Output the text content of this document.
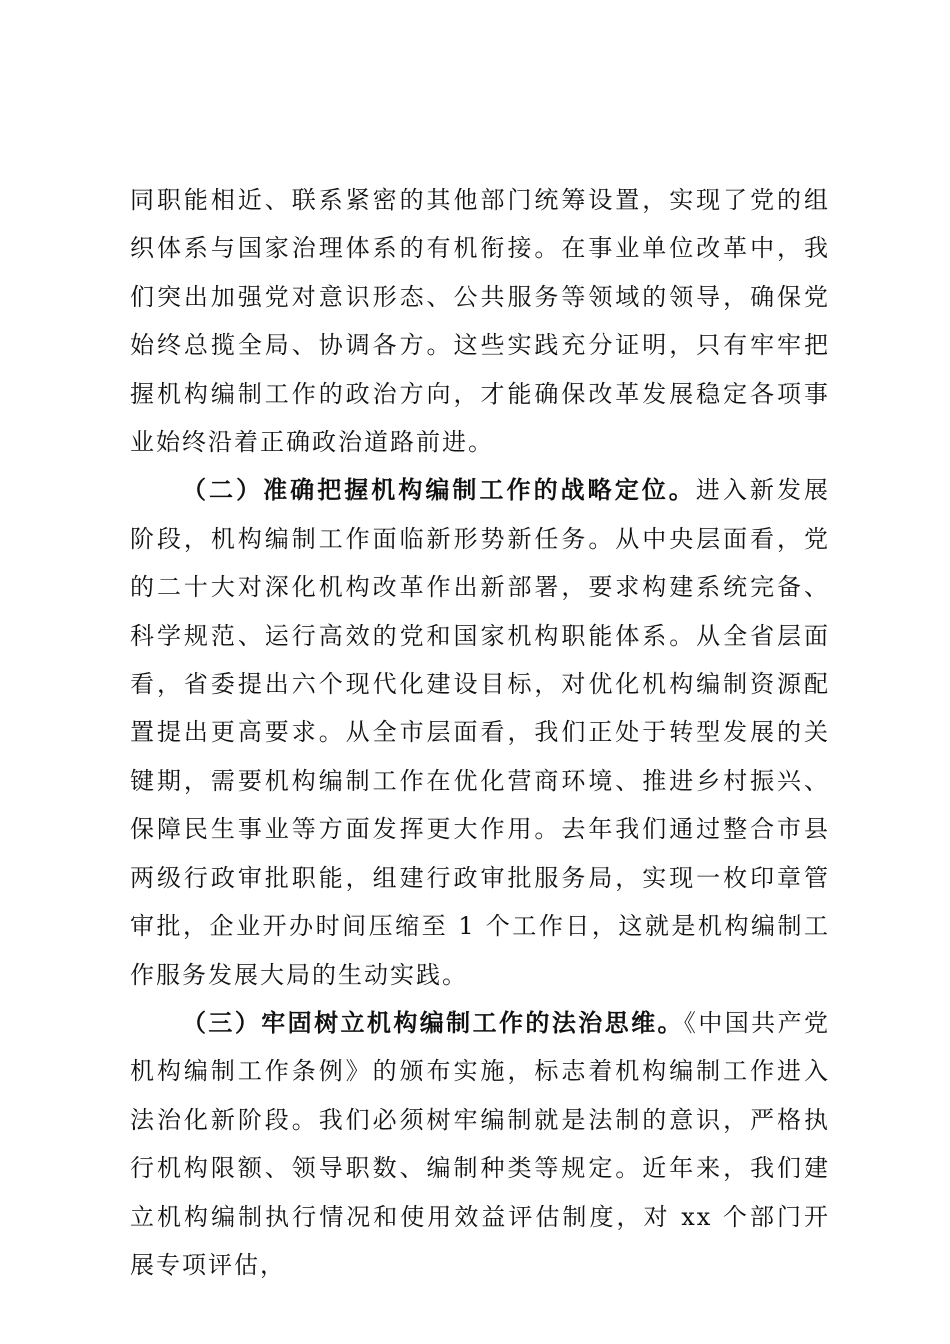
同职能相近、联系紧密的其他部门统筹设置，实现了党的组织体系与国家治理体系的有机衔接。在事业单位改革中，我们突出加强党对意识形态、公共服务等领域的领导，确保党始终总揽全局、协调各方。这些实践充分证明，只有牢牢把握机构编制工作的政治方向，才能确保改革发展稳定各项事业始终沿着正确政治道路前进。

（二）准确把握机构编制工作的战略定位。进入新发展阶段，机构编制工作面临新形势新任务。从中央层面看，党的二十大对深化机构改革作出新部署，要求构建系统完备、科学规范、运行高效的党和国家机构职能体系。从全省层面看，省委提出六个现代化建设目标，对优化机构编制资源配置提出更高要求。从全市层面看，我们正处于转型发展的关键期，需要机构编制工作在优化营商环境、推进乡村振兴、保障民生事业等方面发挥更大作用。去年我们通过整合市县两级行政审批职能，组建行政审批服务局，实现一枚印章管审批，企业开办时间压缩至 1 个工作日，这就是机构编制工作服务发展大局的生动实践。

（三）牢固树立机构编制工作的法治思维。《中国共产党机构编制工作条例》的颁布实施，标志着机构编制工作进入法治化新阶段。我们必须树牢编制就是法制的意识，严格执行机构限额、领导职数、编制种类等规定。近年来，我们建立机构编制执行情况和使用效益评估制度，对 xx 个部门开展专项评估，
